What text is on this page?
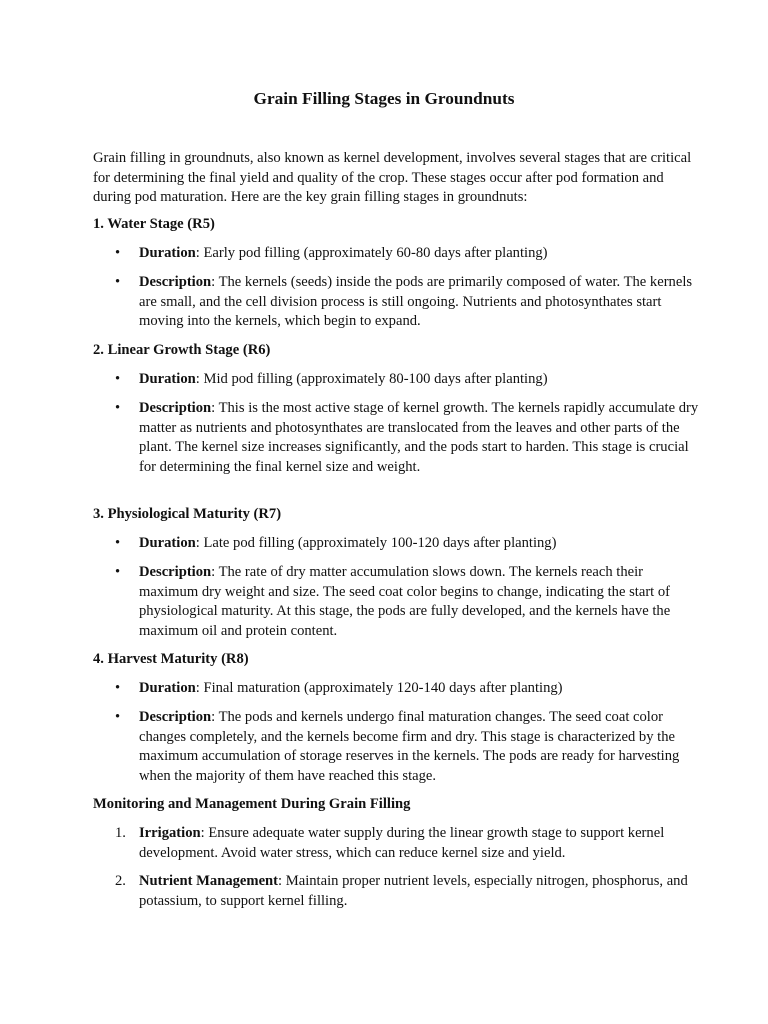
Grain Filling Stages in Groundnuts

Grain filling in groundnuts, also known as kernel development, involves several stages that are critical for determining the final yield and quality of the crop. These stages occur after pod formation and during pod maturation. Here are the key grain filling stages in groundnuts:

1. Water Stage (R5)

• Duration: Early pod filling (approximately 60-80 days after planting)

• Description: The kernels (seeds) inside the pods are primarily composed of water. The kernels are small, and the cell division process is still ongoing. Nutrients and photosynthates start moving into the kernels, which begin to expand.

2. Linear Growth Stage (R6)

• Duration: Mid pod filling (approximately 80-100 days after planting)

• Description: This is the most active stage of kernel growth. The kernels rapidly accumulate dry matter as nutrients and photosynthates are translocated from the leaves and other parts of the plant. The kernel size increases significantly, and the pods start to harden. This stage is crucial for determining the final kernel size and weight.

3. Physiological Maturity (R7)

• Duration: Late pod filling (approximately 100-120 days after planting)

• Description: The rate of dry matter accumulation slows down. The kernels reach their maximum dry weight and size. The seed coat color begins to change, indicating the start of physiological maturity. At this stage, the pods are fully developed, and the kernels have the maximum oil and protein content.

4. Harvest Maturity (R8)

• Duration: Final maturation (approximately 120-140 days after planting)

• Description: The pods and kernels undergo final maturation changes. The seed coat color changes completely, and the kernels become firm and dry. This stage is characterized by the maximum accumulation of storage reserves in the kernels. The pods are ready for harvesting when the majority of them have reached this stage.

Monitoring and Management During Grain Filling

1. Irrigation: Ensure adequate water supply during the linear growth stage to support kernel development. Avoid water stress, which can reduce kernel size and yield.

2. Nutrient Management: Maintain proper nutrient levels, especially nitrogen, phosphorus, and potassium, to support kernel filling.
